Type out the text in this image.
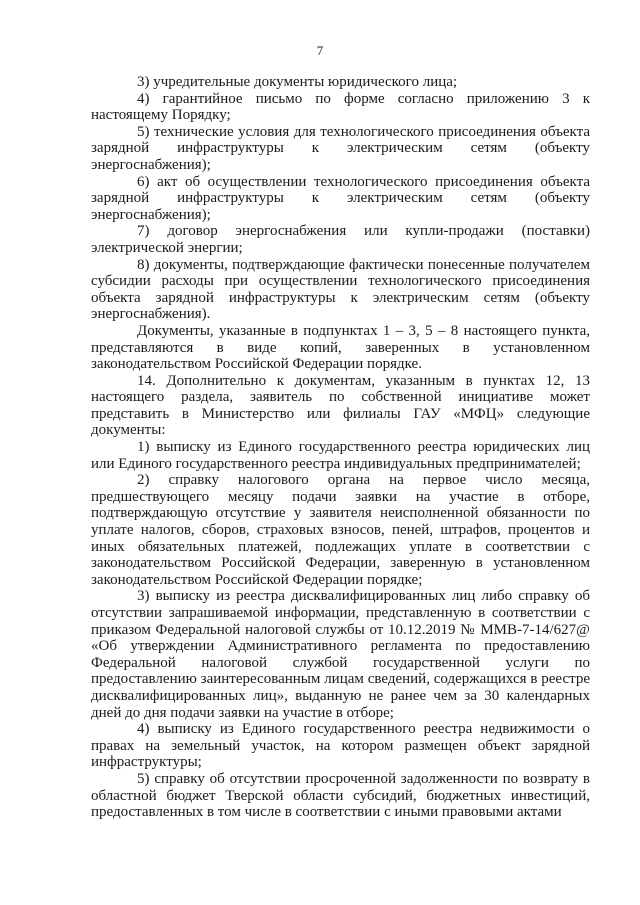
7

3) учредительные документы юридического лица;

4) гарантийное письмо по форме согласно приложению 3 к настоящему Порядку;

5) технические условия для технологического присоединения объекта зарядной инфраструктуры к электрическим сетям (объекту энергоснабжения);

6) акт об осуществлении технологического присоединения объекта зарядной инфраструктуры к электрическим сетям (объекту энергоснабжения);

7) договор энергоснабжения или купли-продажи (поставки) электрической энергии;

8) документы, подтверждающие фактически понесенные получателем субсидии расходы при осуществлении технологического присоединения объекта зарядной инфраструктуры к электрическим сетям (объекту энергоснабжения).

Документы, указанные в подпунктах 1 – 3, 5 – 8 настоящего пункта, представляются в виде копий, заверенных в установленном законодательством Российской Федерации порядке.

14. Дополнительно к документам, указанным в пунктах 12, 13 настоящего раздела, заявитель по собственной инициативе может представить в Министерство или филиалы ГАУ «МФЦ» следующие документы:

1) выписку из Единого государственного реестра юридических лиц или Единого государственного реестра индивидуальных предпринимателей;

2) справку налогового органа на первое число месяца, предшествующего месяцу подачи заявки на участие в отборе, подтверждающую отсутствие у заявителя неисполненной обязанности по уплате налогов, сборов, страховых взносов, пеней, штрафов, процентов и иных обязательных платежей, подлежащих уплате в соответствии с законодательством Российской Федерации, заверенную в установленном законодательством Российской Федерации порядке;

3) выписку из реестра дисквалифицированных лиц либо справку об отсутствии запрашиваемой информации, представленную в соответствии с приказом Федеральной налоговой службы от 10.12.2019 № ММВ-7-14/627@ «Об утверждении Административного регламента по предоставлению Федеральной налоговой службой государственной услуги по предоставлению заинтересованным лицам сведений, содержащихся в реестре дисквалифицированных лиц», выданную не ранее чем за 30 календарных дней до дня подачи заявки на участие в отборе;

4) выписку из Единого государственного реестра недвижимости о правах на земельный участок, на котором размещен объект зарядной инфраструктуры;

5) справку об отсутствии просроченной задолженности по возврату в областной бюджет Тверской области субсидий, бюджетных инвестиций, предоставленных в том числе в соответствии с иными правовыми актами
